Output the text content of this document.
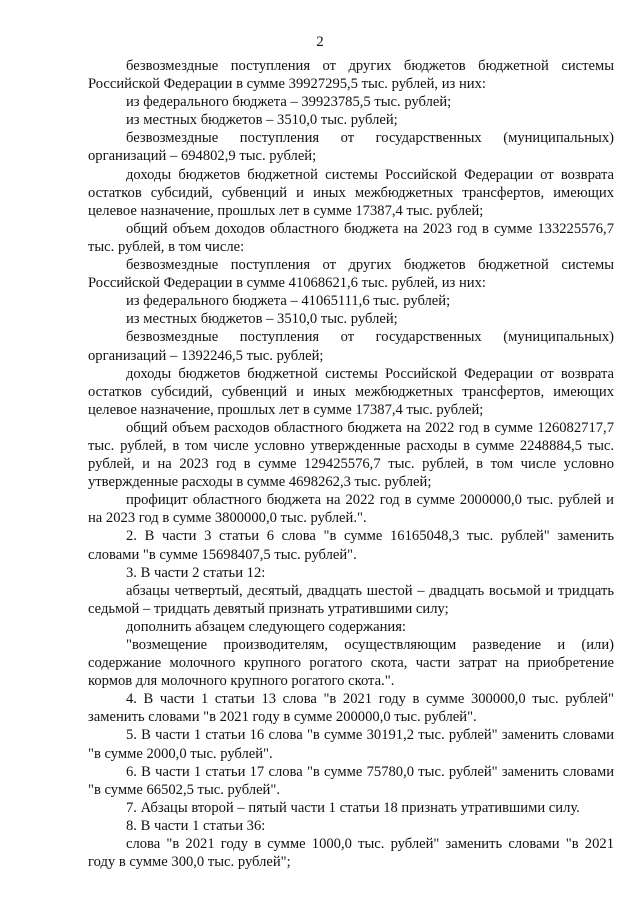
2

безвозмездные поступления от других бюджетов бюджетной системы Российской Федерации в сумме 39927295,5 тыс. рублей, из них:

из федерального бюджета – 39923785,5 тыс. рублей;

из местных бюджетов – 3510,0 тыс. рублей;

безвозмездные поступления от государственных (муниципальных) организаций – 694802,9 тыс. рублей;

доходы бюджетов бюджетной системы Российской Федерации от возврата остатков субсидий, субвенций и иных межбюджетных трансфертов, имеющих целевое назначение, прошлых лет в сумме 17387,4 тыс. рублей;

общий объем доходов областного бюджета на 2023 год в сумме 133225576,7 тыс. рублей, в том числе:

безвозмездные поступления от других бюджетов бюджетной системы Российской Федерации в сумме 41068621,6 тыс. рублей, из них:

из федерального бюджета – 41065111,6 тыс. рублей;

из местных бюджетов – 3510,0 тыс. рублей;

безвозмездные поступления от государственных (муниципальных) организаций – 1392246,5 тыс. рублей;

доходы бюджетов бюджетной системы Российской Федерации от возврата остатков субсидий, субвенций и иных межбюджетных трансфертов, имеющих целевое назначение, прошлых лет в сумме 17387,4 тыс. рублей;

общий объем расходов областного бюджета на 2022 год в сумме 126082717,7 тыс. рублей, в том числе условно утвержденные расходы в сумме 2248884,5 тыс. рублей, и на 2023 год в сумме 129425576,7 тыс. рублей, в том числе условно утвержденные расходы в сумме 4698262,3 тыс. рублей;

профицит областного бюджета на 2022 год в сумме 2000000,0 тыс. рублей и на 2023 год в сумме 3800000,0 тыс. рублей.".

2. В части 3 статьи 6 слова "в сумме 16165048,3 тыс. рублей" заменить словами "в сумме 15698407,5 тыс. рублей".

3. В части 2 статьи 12:

абзацы четвертый, десятый, двадцать шестой – двадцать восьмой и тридцать седьмой – тридцать девятый признать утратившими силу;

дополнить абзацем следующего содержания:

"возмещение производителям, осуществляющим разведение и (или) содержание молочного крупного рогатого скота, части затрат на приобретение кормов для молочного крупного рогатого скота.".

4. В части 1 статьи 13 слова "в 2021 году в сумме 300000,0 тыс. рублей" заменить словами "в 2021 году в сумме 200000,0 тыс. рублей".

5. В части 1 статьи 16 слова "в сумме 30191,2 тыс. рублей" заменить словами "в сумме 2000,0 тыс. рублей".

6. В части 1 статьи 17 слова "в сумме 75780,0 тыс. рублей" заменить словами "в сумме 66502,5 тыс. рублей".

7. Абзацы второй – пятый части 1 статьи 18 признать утратившими силу.

8. В части 1 статьи 36:

слова "в 2021 году в сумме 1000,0 тыс. рублей" заменить словами "в 2021 году в сумме 300,0 тыс. рублей";
